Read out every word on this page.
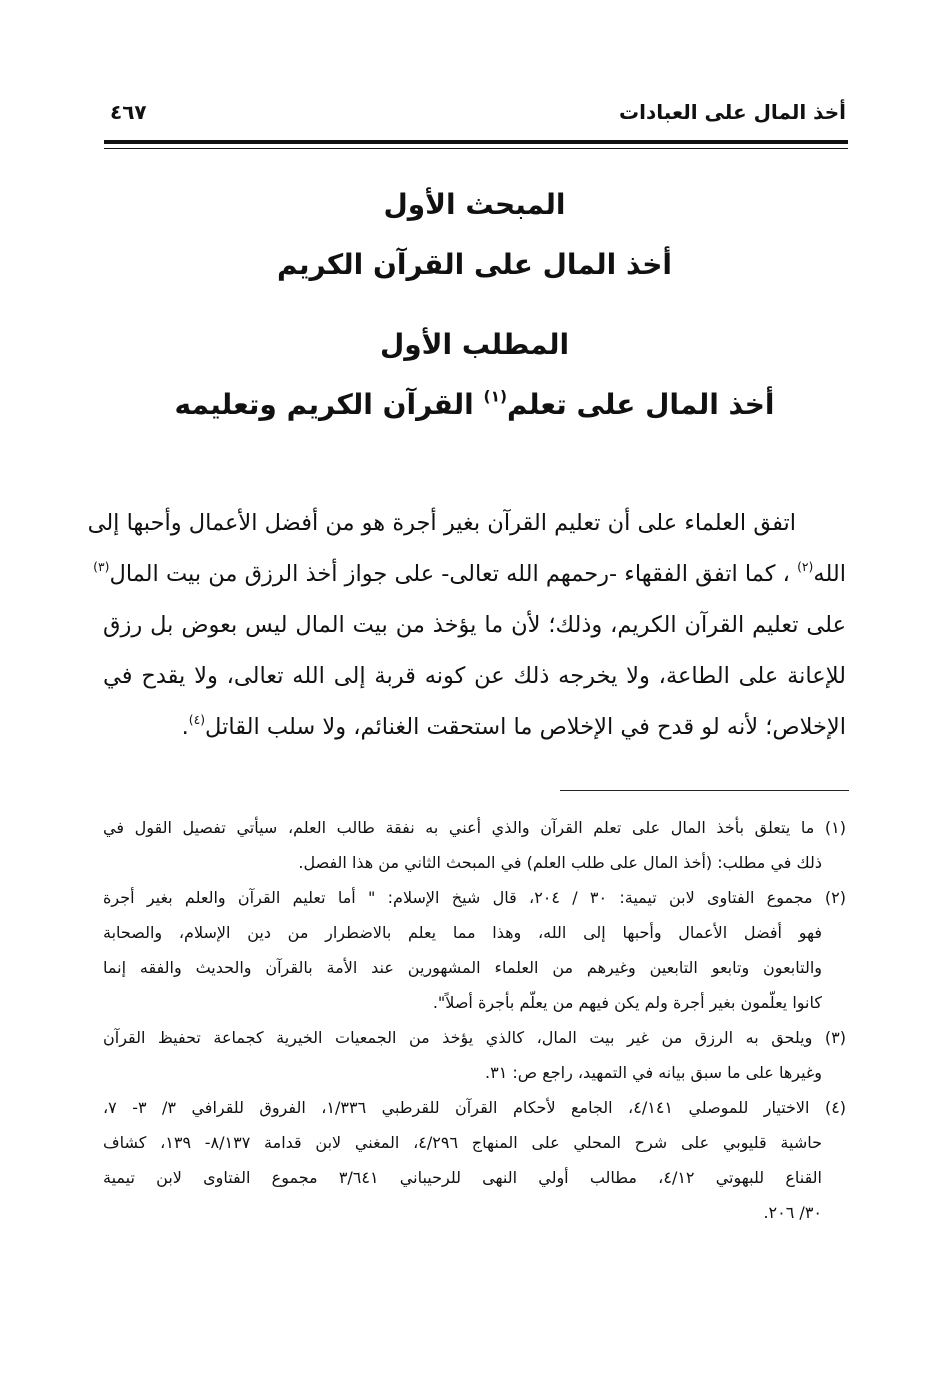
أخذ المال على العبادات
٤٦٧
المبحث الأول
أخذ المال على القرآن الكريم
المطلب الأول
أخذ المال على تعلم$^{(١)}$ القرآن الكريم وتعليمه
اتفق العلماء على أن تعليم القرآن بغير أجرة هو من أفضل الأعمال وأحبها إلى
الله$^{(٢)}$ ، كما اتفق الفقهاء -رحمهم الله تعالى- على جواز أخذ الرزق من بيت المال$^{(٣)}$
على تعليم القرآن الكريم، وذلك؛ لأن ما يؤخذ من بيت المال ليس بعوض بل رزق
للإعانة على الطاعة، ولا يخرجه ذلك عن كونه قربة إلى الله تعالى، ولا يقدح في
الإخلاص؛ لأنه لو قدح في الإخلاص ما استحقت الغنائم، ولا سلب القاتل$^{(٤)}$.
(١) ما يتعلق بأخذ المال على تعلم القرآن والذي أعني به نفقة طالب العلم، سيأتي تفصيل القول في
ذلك في مطلب: (أخذ المال على طلب العلم) في المبحث الثاني من هذا الفصل.
(٢) مجموع الفتاوى لابن تيمية: ٣٠ / ٢٠٤، قال شيخ الإسلام: " أما تعليم القرآن والعلم بغير أجرة
فهو أفضل الأعمال وأحبها إلى الله، وهذا مما يعلم بالاضطرار من دين الإسلام، والصحابة
والتابعون وتابعو التابعين وغيرهم من العلماء المشهورين عند الأمة بالقرآن والحديث والفقه إنما
كانوا يعلّمون بغير أجرة ولم يكن فيهم من يعلّم بأجرة أصلاً".
(٣) ويلحق به الرزق من غير بيت المال، كالذي يؤخذ من الجمعيات الخيرية كجماعة تحفيظ القرآن
وغيرها على ما سبق بيانه في التمهيد، راجع ص: ٣١.
(٤) الاختيار للموصلي ٤/١٤١، الجامع لأحكام القرآن للقرطبي ١/٣٣٦، الفروق للقرافي ٣/ ٣- ٧،
حاشية قليوبي على شرح المحلي على المنهاج ٤/٢٩٦، المغني لابن قدامة ٨/١٣٧- ١٣٩، كشاف
القناع للبهوتي ٤/١٢، مطالب أولي النهى للرحيباني ٣/٦٤١ مجموع الفتاوى لابن تيمية
٣٠/ ٢٠٦.
